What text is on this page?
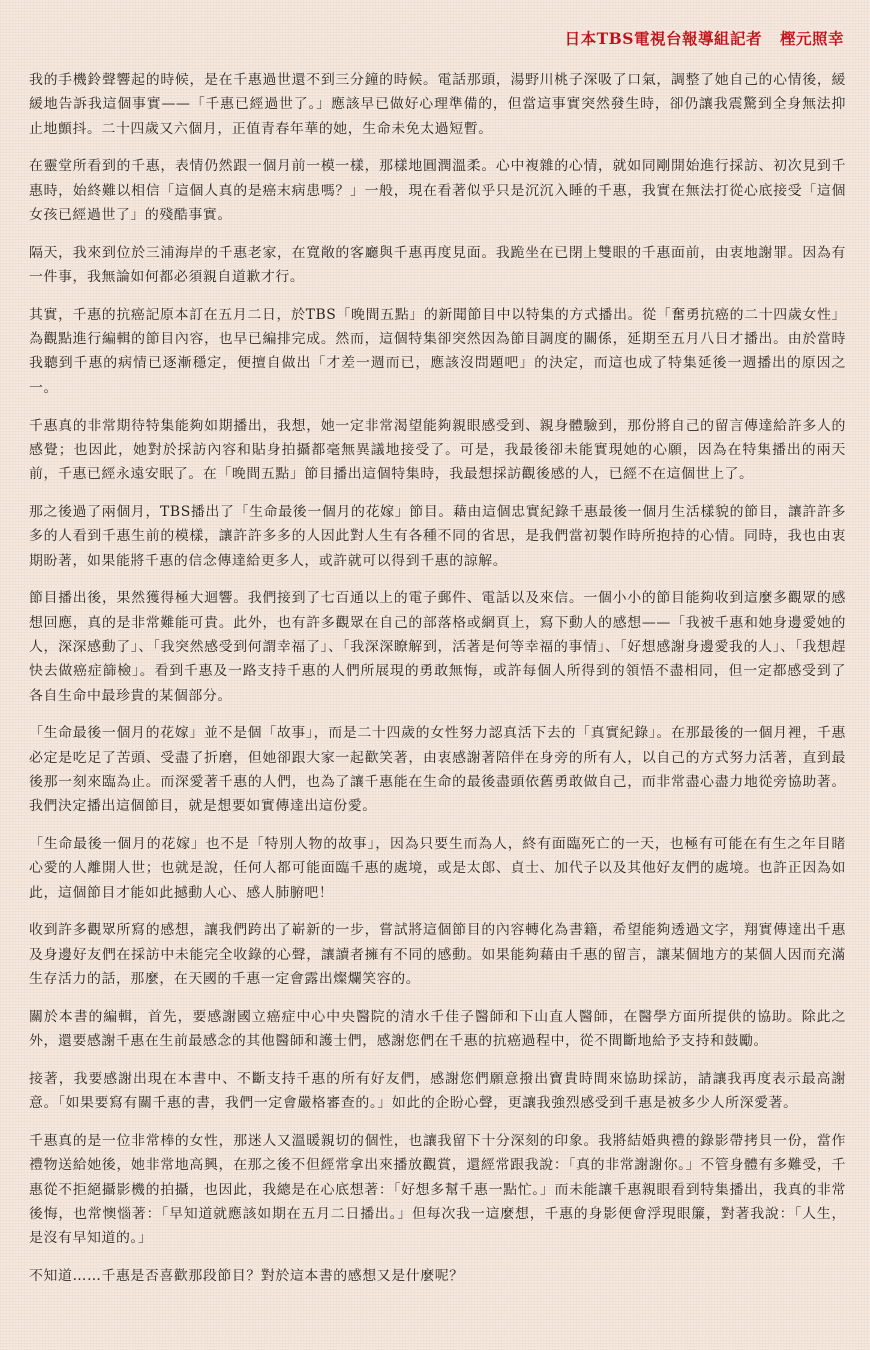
日本TBS電視台報導組記者 樫元照幸

我的手機鈴聲響起的時候，是在千惠過世還不到三分鐘的時候。電話那頭，湯野川桃子深吸了口氣，調整了她自己的心情後，緩緩地告訴我這個事實——「千惠已經過世了。」應該早已做好心理準備的，但當這事實突然發生時，卻仍讓我震驚到全身無法抑止地顫抖。二十四歲又六個月，正值青春年華的她，生命未免太過短暫。

在靈堂所看到的千惠，表情仍然跟一個月前一模一樣，那樣地圓潤溫柔。心中複雜的心情，就如同剛開始進行採訪、初次見到千惠時，始終難以相信「這個人真的是癌末病患嗎？」一般，現在看著似乎只是沉沉入睡的千惠，我實在無法打從心底接受「這個女孩已經過世了」的殘酷事實。

隔天，我來到位於三浦海岸的千惠老家，在寬敞的客廳與千惠再度見面。我跪坐在已閉上雙眼的千惠面前，由衷地謝罪。因為有一件事，我無論如何都必須親自道歉才行。

其實，千惠的抗癌記原本訂在五月二日，於TBS「晚間五點」的新聞節目中以特集的方式播出。從「奮勇抗癌的二十四歲女性」為觀點進行編輯的節目內容，也早已編排完成。然而，這個特集卻突然因為節目調度的關係，延期至五月八日才播出。由於當時我聽到千惠的病情已逐漸穩定，便擅自做出「才差一週而已，應該沒問題吧」的決定，而這也成了特集延後一週播出的原因之一。

千惠真的非常期待特集能夠如期播出，我想，她一定非常渴望能夠親眼感受到、親身體驗到，那份將自己的留言傳達給許多人的感覺；也因此，她對於採訪內容和貼身拍攝都毫無異議地接受了。可是，我最後卻未能實現她的心願，因為在特集播出的兩天前，千惠已經永遠安眠了。在「晚間五點」節目播出這個特集時，我最想採訪觀後感的人，已經不在這個世上了。

那之後過了兩個月，TBS播出了「生命最後一個月的花嫁」節目。藉由這個忠實紀錄千惠最後一個月生活樣貌的節目，讓許許多多的人看到千惠生前的模樣，讓許許多多的人因此對人生有各種不同的省思，是我們當初製作時所抱持的心情。同時，我也由衷期盼著，如果能將千惠的信念傳達給更多人，或許就可以得到千惠的諒解。

節目播出後，果然獲得極大迴響。我們接到了七百通以上的電子郵件、電話以及來信。一個小小的節目能夠收到這麼多觀眾的感想回應，真的是非常難能可貴。此外，也有許多觀眾在自己的部落格或網頁上，寫下動人的感想——「我被千惠和她身邊愛她的人，深深感動了」、「我突然感受到何謂幸福了」、「我深深瞭解到，活著是何等幸福的事情」、「好想感謝身邊愛我的人」、「我想趕快去做癌症篩檢」。看到千惠及一路支持千惠的人們所展現的勇敢無悔，或許每個人所得到的領悟不盡相同，但一定都感受到了各自生命中最珍貴的某個部分。

「生命最後一個月的花嫁」並不是個「故事」，而是二十四歲的女性努力認真活下去的「真實紀錄」。在那最後的一個月裡，千惠必定是吃足了苦頭、受盡了折磨，但她卻跟大家一起歡笑著，由衷感謝著陪伴在身旁的所有人，以自己的方式努力活著，直到最後那一刻來臨為止。而深愛著千惠的人們，也為了讓千惠能在生命的最後盡頭依舊勇敢做自己，而非常盡心盡力地從旁協助著。我們決定播出這個節目，就是想要如實傳達出這份愛。

「生命最後一個月的花嫁」也不是「特別人物的故事」，因為只要生而為人，終有面臨死亡的一天，也極有可能在有生之年目睹心愛的人離開人世；也就是說，任何人都可能面臨千惠的處境，或是太郎、貞士、加代子以及其他好友們的處境。也許正因為如此，這個節目才能如此撼動人心、感人肺腑吧！

收到許多觀眾所寫的感想，讓我們跨出了嶄新的一步，嘗試將這個節目的內容轉化為書籍，希望能夠透過文字，翔實傳達出千惠及身邊好友們在採訪中未能完全收錄的心聲，讓讀者擁有不同的感動。如果能夠藉由千惠的留言，讓某個地方的某個人因而充滿生存活力的話，那麼，在天國的千惠一定會露出燦爛笑容的。

關於本書的編輯，首先，要感謝國立癌症中心中央醫院的清水千佳子醫師和下山直人醫師，在醫學方面所提供的協助。除此之外，還要感謝千惠在生前最感念的其他醫師和護士們，感謝您們在千惠的抗癌過程中，從不間斷地給予支持和鼓勵。

接著，我要感謝出現在本書中、不斷支持千惠的所有好友們，感謝您們願意撥出寶貴時間來協助採訪，請讓我再度表示最高謝意。「如果要寫有關千惠的書，我們一定會嚴格審查的。」如此的企盼心聲，更讓我強烈感受到千惠是被多少人所深愛著。

千惠真的是一位非常棒的女性，那迷人又溫暖親切的個性，也讓我留下十分深刻的印象。我將結婚典禮的錄影帶拷貝一份，當作禮物送給她後，她非常地高興，在那之後不但經常拿出來播放觀賞，還經常跟我說：「真的非常謝謝你。」不管身體有多難受，千惠從不拒絕攝影機的拍攝，也因此，我總是在心底想著：「好想多幫千惠一點忙。」而未能讓千惠親眼看到特集播出，我真的非常後悔，也常懊惱著：「早知道就應該如期在五月二日播出。」但每次我一這麼想，千惠的身影便會浮現眼簾，對著我說：「人生，是沒有早知道的。」

不知道……千惠是否喜歡那段節目？對於這本書的感想又是什麼呢？
